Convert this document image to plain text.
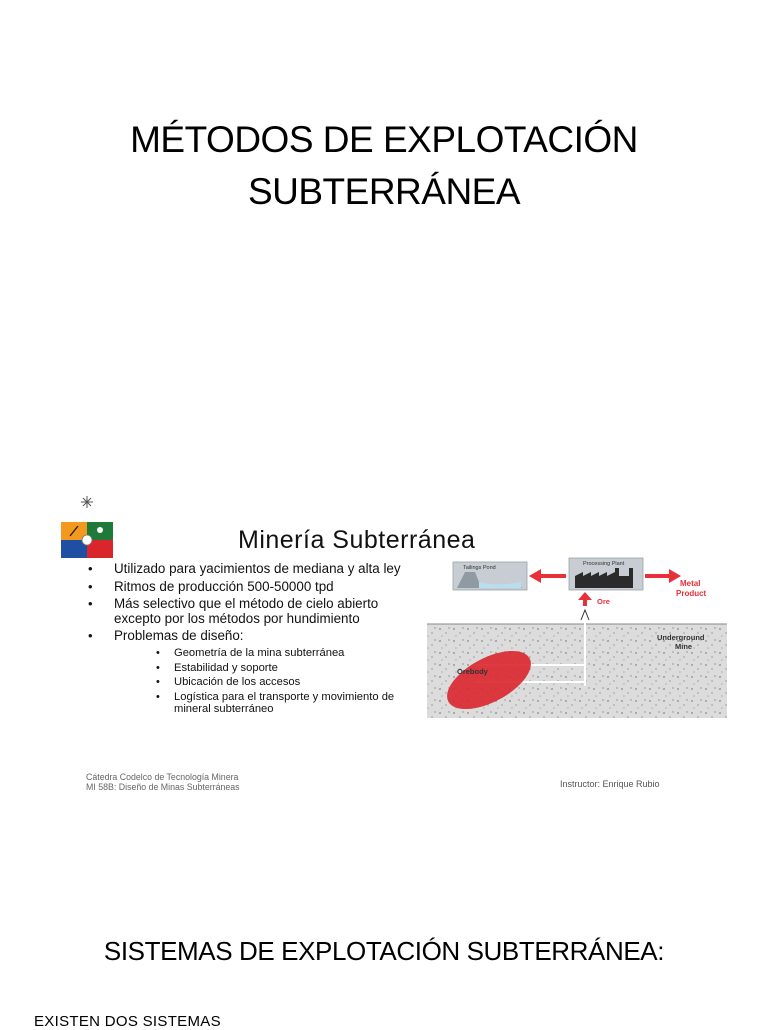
MÉTODOS DE EXPLOTACIÓN
SUBTERRÁNEA
Minería Subterránea
• Utilizado para yacimientos de mediana y alta ley
• Ritmos de producción 500-50000 tpd
• Más selectivo que el método de cielo abierto excepto por los métodos por hundimiento
• Problemas de diseño:
• Geometría de la mina subterránea
• Estabilidad y soporte
• Ubicación de los accesos
• Logística para el transporte y movimiento de mineral subterráneo
Cátedra Codelco de Tecnología Minera
MI 58B: Diseño de Minas Subterráneas	Instructor: Enrique Rubio
Tailings Pond
Processing Plant
Metal
Product
Ore
Underground
Mine
Orebody
SISTEMAS DE EXPLOTACIÓN SUBTERRÁNEA:
EXISTEN DOS SISTEMAS
